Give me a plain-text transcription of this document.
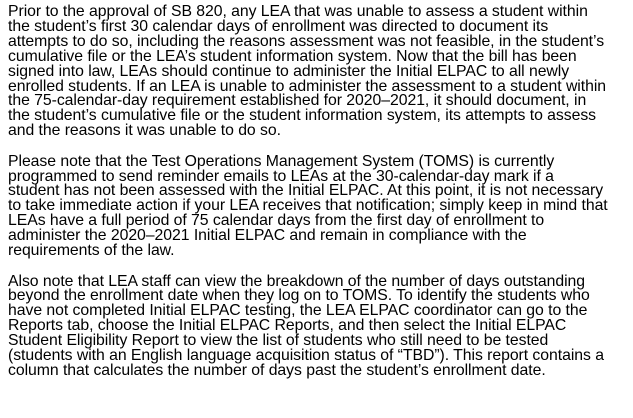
Prior to the approval of SB 820, any LEA that was unable to assess a student within
the student’s first 30 calendar days of enrollment was directed to document its
attempts to do so, including the reasons assessment was not feasible, in the student’s
cumulative file or the LEA’s student information system. Now that the bill has been
signed into law, LEAs should continue to administer the Initial ELPAC to all newly
enrolled students. If an LEA is unable to administer the assessment to a student within
the 75-calendar-day requirement established for 2020–2021, it should document, in
the student’s cumulative file or the student information system, its attempts to assess
and the reasons it was unable to do so.

Please note that the Test Operations Management System (TOMS) is currently
programmed to send reminder emails to LEAs at the 30-calendar-day mark if a
student has not been assessed with the Initial ELPAC. At this point, it is not necessary
to take immediate action if your LEA receives that notification; simply keep in mind that
LEAs have a full period of 75 calendar days from the first day of enrollment to
administer the 2020–2021 Initial ELPAC and remain in compliance with the
requirements of the law.

Also note that LEA staff can view the breakdown of the number of days outstanding
beyond the enrollment date when they log on to TOMS. To identify the students who
have not completed Initial ELPAC testing, the LEA ELPAC coordinator can go to the
Reports tab, choose the Initial ELPAC Reports, and then select the Initial ELPAC
Student Eligibility Report to view the list of students who still need to be tested
(students with an English language acquisition status of “TBD”). This report contains a
column that calculates the number of days past the student’s enrollment date.
